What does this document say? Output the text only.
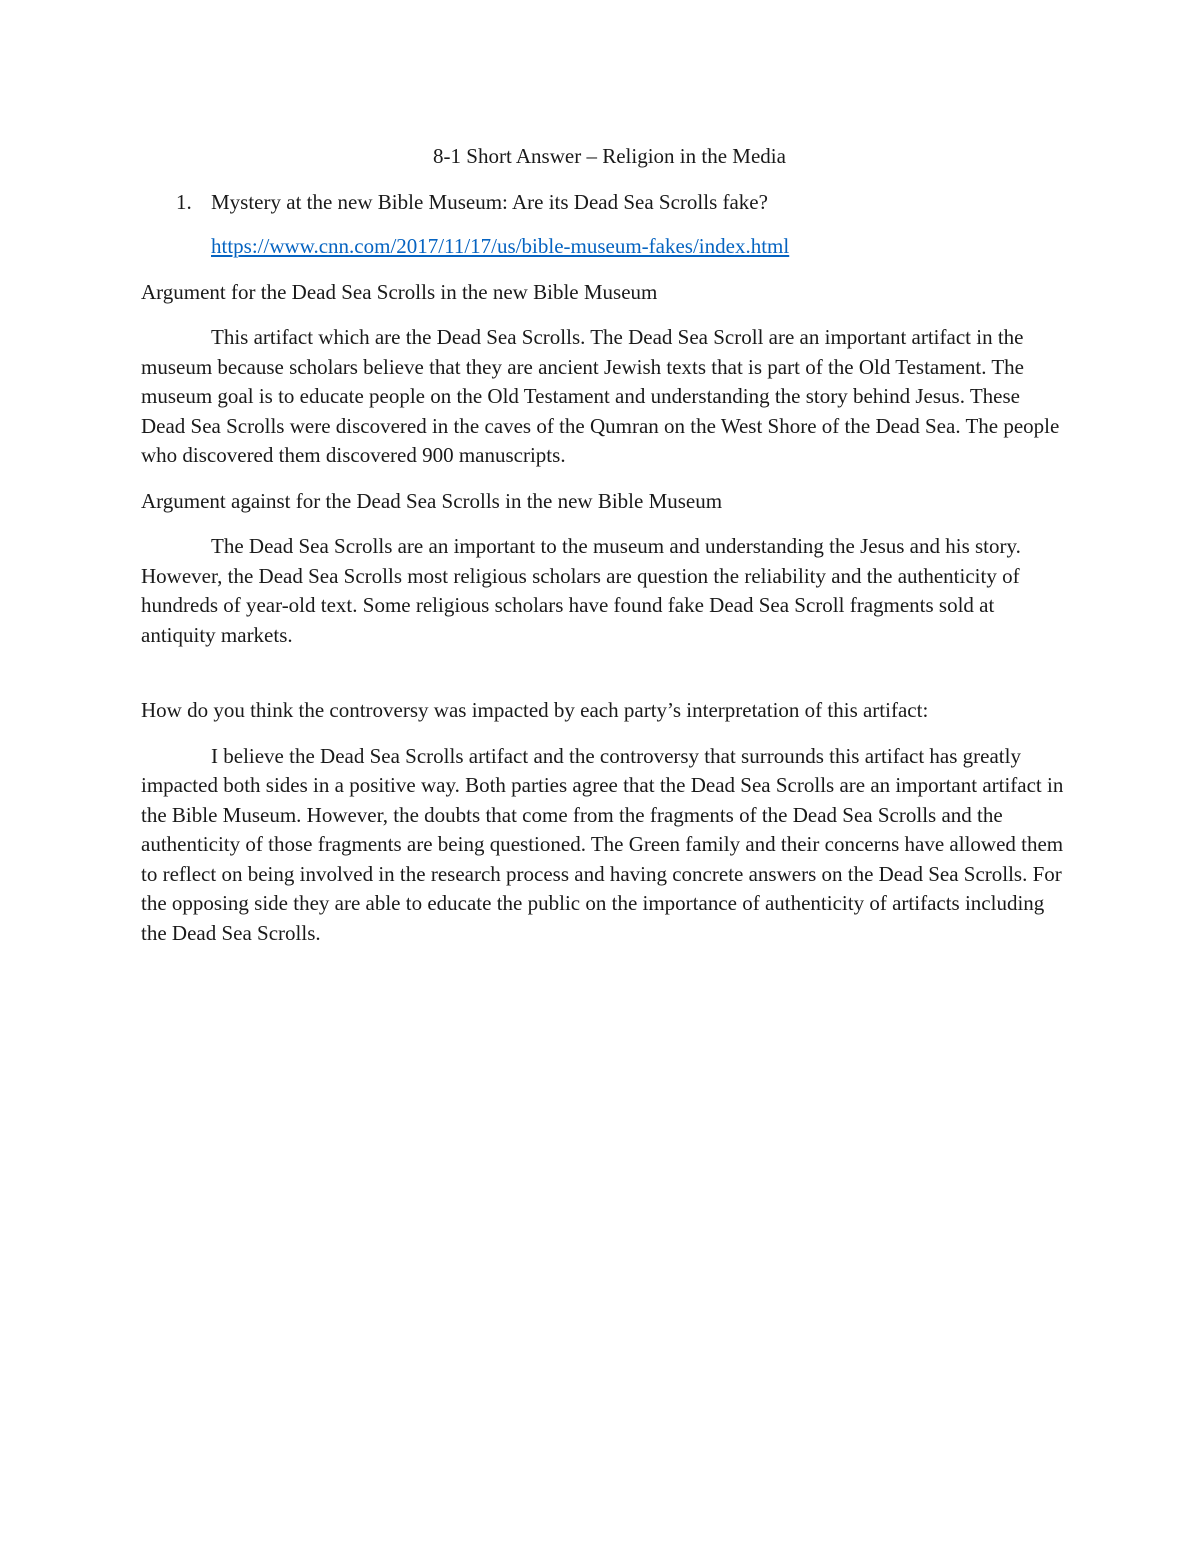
8-1 Short Answer – Religion in the Media

1. Mystery at the new Bible Museum: Are its Dead Sea Scrolls fake?

https://www.cnn.com/2017/11/17/us/bible-museum-fakes/index.html

Argument for the Dead Sea Scrolls in the new Bible Museum

This artifact which are the Dead Sea Scrolls. The Dead Sea Scroll are an important artifact in the museum because scholars believe that they are ancient Jewish texts that is part of the Old Testament. The museum goal is to educate people on the Old Testament and understanding the story behind Jesus. These Dead Sea Scrolls were discovered in the caves of the Qumran on the West Shore of the Dead Sea. The people who discovered them discovered 900 manuscripts.

Argument against for the Dead Sea Scrolls in the new Bible Museum

The Dead Sea Scrolls are an important to the museum and understanding the Jesus and his story. However, the Dead Sea Scrolls most religious scholars are question the reliability and the authenticity of hundreds of year-old text. Some religious scholars have found fake Dead Sea Scroll fragments sold at antiquity markets.

How do you think the controversy was impacted by each party’s interpretation of this artifact:

I believe the Dead Sea Scrolls artifact and the controversy that surrounds this artifact has greatly impacted both sides in a positive way. Both parties agree that the Dead Sea Scrolls are an important artifact in the Bible Museum. However, the doubts that come from the fragments of the Dead Sea Scrolls and the authenticity of those fragments are being questioned. The Green family and their concerns have allowed them to reflect on being involved in the research process and having concrete answers on the Dead Sea Scrolls. For the opposing side they are able to educate the public on the importance of authenticity of artifacts including the Dead Sea Scrolls.
